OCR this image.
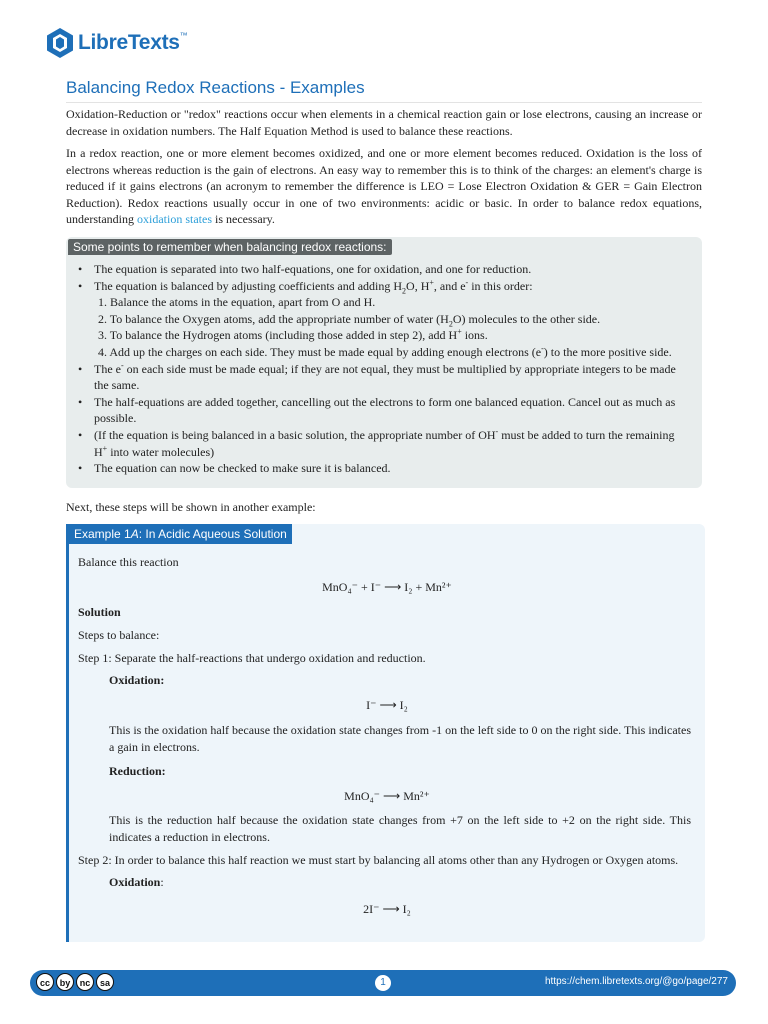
LibreTexts™
Balancing Redox Reactions - Examples
Oxidation-Reduction or "redox" reactions occur when elements in a chemical reaction gain or lose electrons, causing an increase or decrease in oxidation numbers. The Half Equation Method is used to balance these reactions.
In a redox reaction, one or more element becomes oxidized, and one or more element becomes reduced. Oxidation is the loss of electrons whereas reduction is the gain of electrons. An easy way to remember this is to think of the charges: an element's charge is reduced if it gains electrons (an acronym to remember the difference is LEO = Lose Electron Oxidation & GER = Gain Electron Reduction). Redox reactions usually occur in one of two environments: acidic or basic. In order to balance redox equations, understanding oxidation states is necessary.
Some points to remember when balancing redox reactions:
• The equation is separated into two half-equations, one for oxidation, and one for reduction.
• The equation is balanced by adjusting coefficients and adding $H_2O$, H+, and e- in this order:
1. Balance the atoms in the equation, apart from O and H.
2. To balance the Oxygen atoms, add the appropriate number of water $(H_2O)$ molecules to the other side.
3. To balance the Hydrogen atoms (including those added in step 2), add H+ ions.
4. Add up the charges on each side. They must be made equal by adding enough electrons (e-) to the more positive side.
• The e- on each side must be made equal; if they are not equal, they must be multiplied by appropriate integers to be made the same.
• The half-equations are added together, cancelling out the electrons to form one balanced equation. Cancel out as much as possible.
• (If the equation is being balanced in a basic solution, the appropriate number of OH- must be added to turn the remaining H+ into water molecules)
• The equation can now be checked to make sure it is balanced.
Next, these steps will be shown in another example:
Example 1A: In Acidic Aqueous Solution
Balance this reaction
MnO₄⁻ + I⁻ ⟶ I₂ + Mn²⁺
Solution
Steps to balance:
Step 1: Separate the half-reactions that undergo oxidation and reduction.
Oxidation:
I⁻ ⟶ I₂
This is the oxidation half because the oxidation state changes from -1 on the left side to 0 on the right side. This indicates a gain in electrons.
Reduction:
MnO₄⁻ ⟶ Mn²⁺
This is the reduction half because the oxidation state changes from +7 on the left side to +2 on the right side. This indicates a reduction in electrons.
Step 2: In order to balance this half reaction we must start by balancing all atoms other than any Hydrogen or Oxygen atoms.
Oxidation:
2I⁻ ⟶ I₂
cc	by	nc	sa	1	https://chem.libretexts.org/@go/page/277
